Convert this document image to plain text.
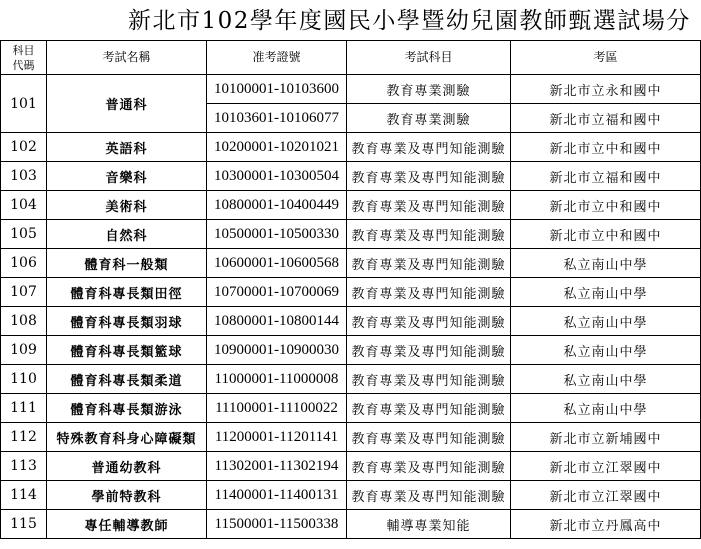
新北市102學年度國民小學暨幼兒園教師甄選試場分
科目代碼	考試名稱	准考證號	考試科目	考區
101	普通科	10100001-10103600	教育專業測驗	新北市立永和國中
		10103601-10106077	教育專業測驗	新北市立福和國中
102	英語科	10200001-10201021	教育專業及專門知能測驗	新北市立中和國中
103	音樂科	10300001-10300504	教育專業及專門知能測驗	新北市立福和國中
104	美術科	10800001-10400449	教育專業及專門知能測驗	新北市立中和國中
105	自然科	10500001-10500330	教育專業及專門知能測驗	新北市立中和國中
106	體育科一般類	10600001-10600568	教育專業及專門知能測驗	私立南山中學
107	體育科專長類田徑	10700001-10700069	教育專業及專門知能測驗	私立南山中學
108	體育科專長類羽球	10800001-10800144	教育專業及專門知能測驗	私立南山中學
109	體育科專長類籃球	10900001-10900030	教育專業及專門知能測驗	私立南山中學
110	體育科專長類柔道	11000001-11000008	教育專業及專門知能測驗	私立南山中學
111	體育科專長類游泳	11100001-11100022	教育專業及專門知能測驗	私立南山中學
112	特殊教育科身心障礙類	11200001-11201141	教育專業及專門知能測驗	新北市立新埔國中
113	普通幼教科	11302001-11302194	教育專業及專門知能測驗	新北市立江翠國中
114	學前特教科	11400001-11400131	教育專業及專門知能測驗	新北市立江翠國中
115	專任輔導教師	11500001-11500338	輔導專業知能	新北市立丹鳳高中
